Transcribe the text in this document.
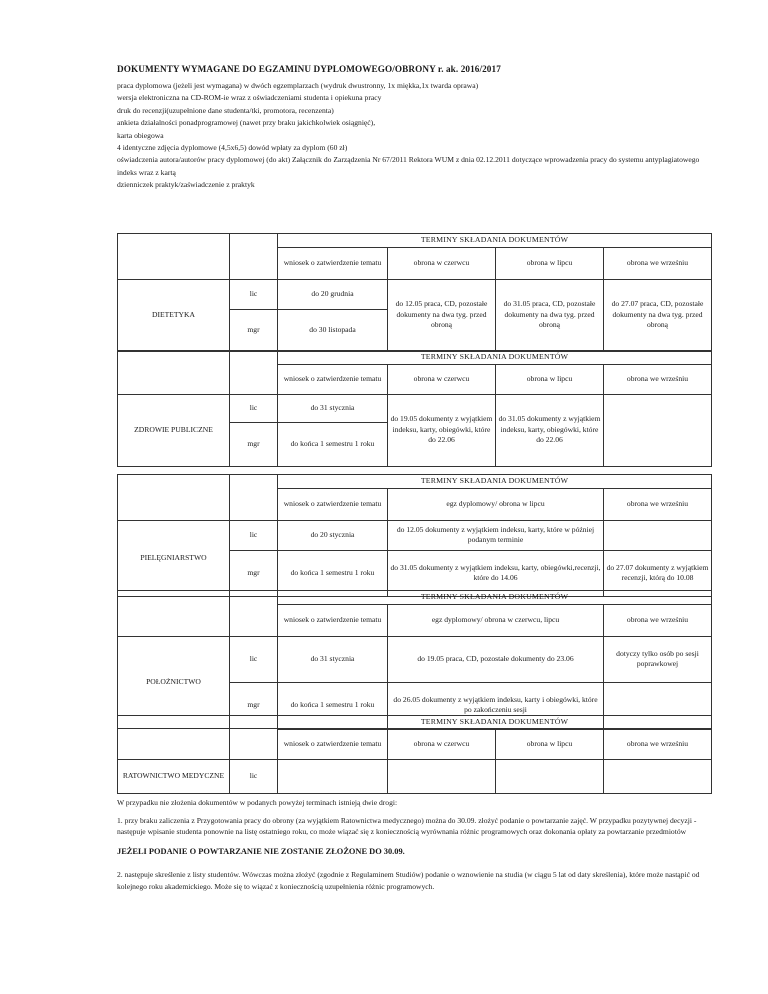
DOKUMENTY WYMAGANE DO EGZAMINU DYPLOMOWEGO/OBRONY r. ak. 2016/2017
praca dyplomowa (jeżeli jest wymagana) w dwóch egzemplarzach (wydruk dwustronny, 1x miękka,1x twarda oprawa)
wersja elektroniczna na CD-ROM-ie wraz z oświadczeniami studenta i opiekuna pracy
druk do recenzji(uzupełnione dane studenta/tki, promotora, recenzenta)
ankieta działalności ponadprogramowej (nawet przy braku jakichkolwiek osiągnięć),
karta obiegowa
4 identyczne zdjęcia dyplomowe (4,5x6,5) dowód wpłaty za dyplom (60 zł)
oświadczenia autora/autorów pracy dyplomowej (do akt) Załącznik do Zarządzenia Nr 67/2011 Rektora WUM z dnia 02.12.2011 dotyczące wprowadzenia pracy do systemu antyplagiatowego indeks wraz z kartą
dzienniczek praktyk/zaświadczenie z praktyk
		TERMINY SKŁADANIA DOKUMENTÓW			
		wniosek o zatwierdzenie tematu	obrona w czerwcu	obrona w lipcu	obrona we wrześniu
DIETETYKA	lic	do 20 grudnia	do 12.05 praca, CD, pozostałe dokumenty na dwa tyg. przed obroną	do 31.05 praca, CD, pozostałe dokumenty na dwa tyg. przed obroną	do 27.07 praca, CD, pozostałe dokumenty na dwa tyg. przed obroną
	mgr	do 30 listopada			
		TERMINY SKŁADANIA DOKUMENTÓW			
		wniosek o zatwierdzenie tematu	obrona w czerwcu	obrona w lipcu	obrona we wrześniu
ZDROWIE PUBLICZNE	lic	do 31 stycznia	do 19.05 dokumenty z wyjątkiem indeksu, karty, obiegówki, które do 22.06	do 31.05 dokumenty z wyjątkiem indeksu, karty, obiegówki, które do 22.06	
	mgr	do końca 1 semestru 1 roku			
		TERMINY SKŁADANIA DOKUMENTÓW		
		wniosek o zatwierdzenie tematu	egz dyplomowy/ obrona w lipcu	obrona we wrześniu
PIELĘGNIARSTWO	lic	do 20 stycznia	do 12.05 dokumenty z wyjątkiem indeksu, karty, które w później podanym terminie	
	mgr	do końca 1 semestru 1 roku	do 31.05 dokumenty z wyjątkiem indeksu, karty, obiegówki,recenzji, które do 14.06	do 27.07 dokumenty z wyjątkiem recenzji, którą do 10.08
		TERMINY SKŁADANIA DOKUMENTÓW		
		wniosek o zatwierdzenie tematu	egz dyplomowy/ obrona w czerwcu, lipcu	obrona we wrześniu
POŁOŻNICTWO	lic	do 31 stycznia	do 19.05 praca, CD, pozostałe dokumenty do 23.06	dotyczy tylko osób po sesji poprawkowej
	mgr	do końca 1 semestru 1 roku	do 26.05 dokumenty z wyjątkiem indeksu, karty i obiegówki, które po zakończeniu sesji	
		TERMINY SKŁADANIA DOKUMENTÓW			
		wniosek o zatwierdzenie tematu	obrona w czerwcu	obrona w lipcu	obrona we wrześniu
RATOWNICTWO MEDYCZNE	lic				

W przypadku nie złożenia dokumentów w podanych powyżej terminach istnieją dwie drogi:

1. przy braku zaliczenia z Przygotowania pracy do obrony (za wyjątkiem Ratownictwa medycznego) można do 30.09. złożyć podanie o powtarzanie zajęć. W przypadku pozytywnej decyzji - następuje wpisanie studenta ponownie na listę ostatniego roku, co może wiązać się z koniecznością wyrównania różnic programowych oraz dokonania opłaty za powtarzanie przedmiotów

JEŻELI PODANIE O POWTARZANIE NIE ZOSTANIE ZŁOŻONE DO 30.09.

2. następuje skreślenie z listy studentów. Wówczas można złożyć (zgodnie z Regulaminem Studiów) podanie o wznowienie na studia (w ciągu 5 lat od daty skreślenia), które może nastąpić od kolejnego roku akademickiego. Może się to wiązać z koniecznością uzupełnienia różnic programowych.
